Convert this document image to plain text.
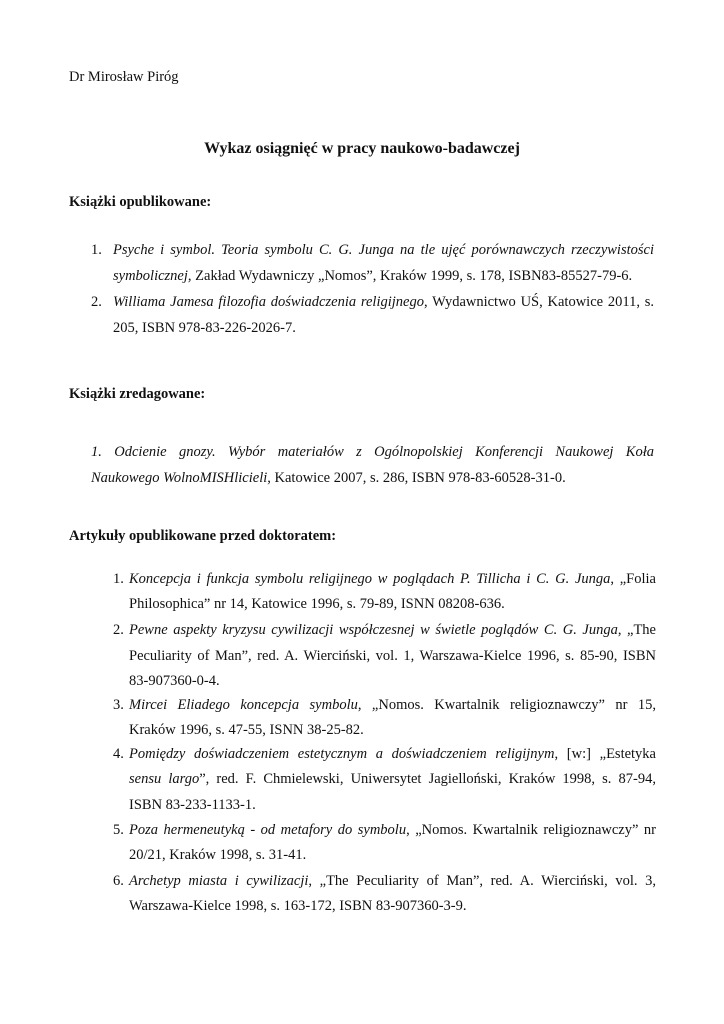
Dr Mirosław Piróg
Wykaz osiągnięć w pracy naukowo-badawczej
Książki opublikowane:
1. Psyche i symbol. Teoria symbolu C. G. Junga na tle ujęć porównawczych rzeczywistości
symbolicznej, Zakład Wydawniczy „Nomos”, Kraków 1999, s. 178, ISBN83-85527-79-6.
2. Williama Jamesa filozofia doświadczenia religijnego, Wydawnictwo UŚ, Katowice 2011, s.
205, ISBN 978-83-226-2026-7.
Książki zredagowane:
1. Odcienie gnozy. Wybór materiałów z Ogólnopolskiej Konferencji Naukowej Koła
Naukowego WolnoMISHlicieli, Katowice 2007, s. 286, ISBN 978-83-60528-31-0.
Artykuły opublikowane przed doktoratem:
1. Koncepcja i funkcja symbolu religijnego w poglądach P. Tillicha i C. G. Junga, „Folia
Philosophica” nr 14, Katowice 1996, s. 79-89, ISNN 08208-636.
2. Pewne aspekty kryzysu cywilizacji współczesnej w świetle poglądów C. G. Junga, „The
Peculiarity of Man”, red. A. Wierciński, vol. 1, Warszawa-Kielce 1996, s. 85-90, ISBN
83-907360-0-4.
3. Mircei Eliadego koncepcja symbolu, „Nomos. Kwartalnik religioznawczy” nr 15,
Kraków 1996, s. 47-55, ISNN 38-25-82.
4. Pomiędzy doświadczeniem estetycznym a doświadczeniem religijnym, [w:] „Estetyka
sensu largo”, red. F. Chmielewski, Uniwersytet Jagielloński, Kraków 1998, s. 87-94,
ISBN 83-233-1133-1.
5. Poza hermeneutyką - od metafory do symbolu, „Nomos. Kwartalnik religioznawczy” nr
20/21, Kraków 1998, s. 31-41.
6. Archetyp miasta i cywilizacji, „The Peculiarity of Man”, red. A. Wierciński, vol. 3,
Warszawa-Kielce 1998, s. 163-172, ISBN 83-907360-3-9.
